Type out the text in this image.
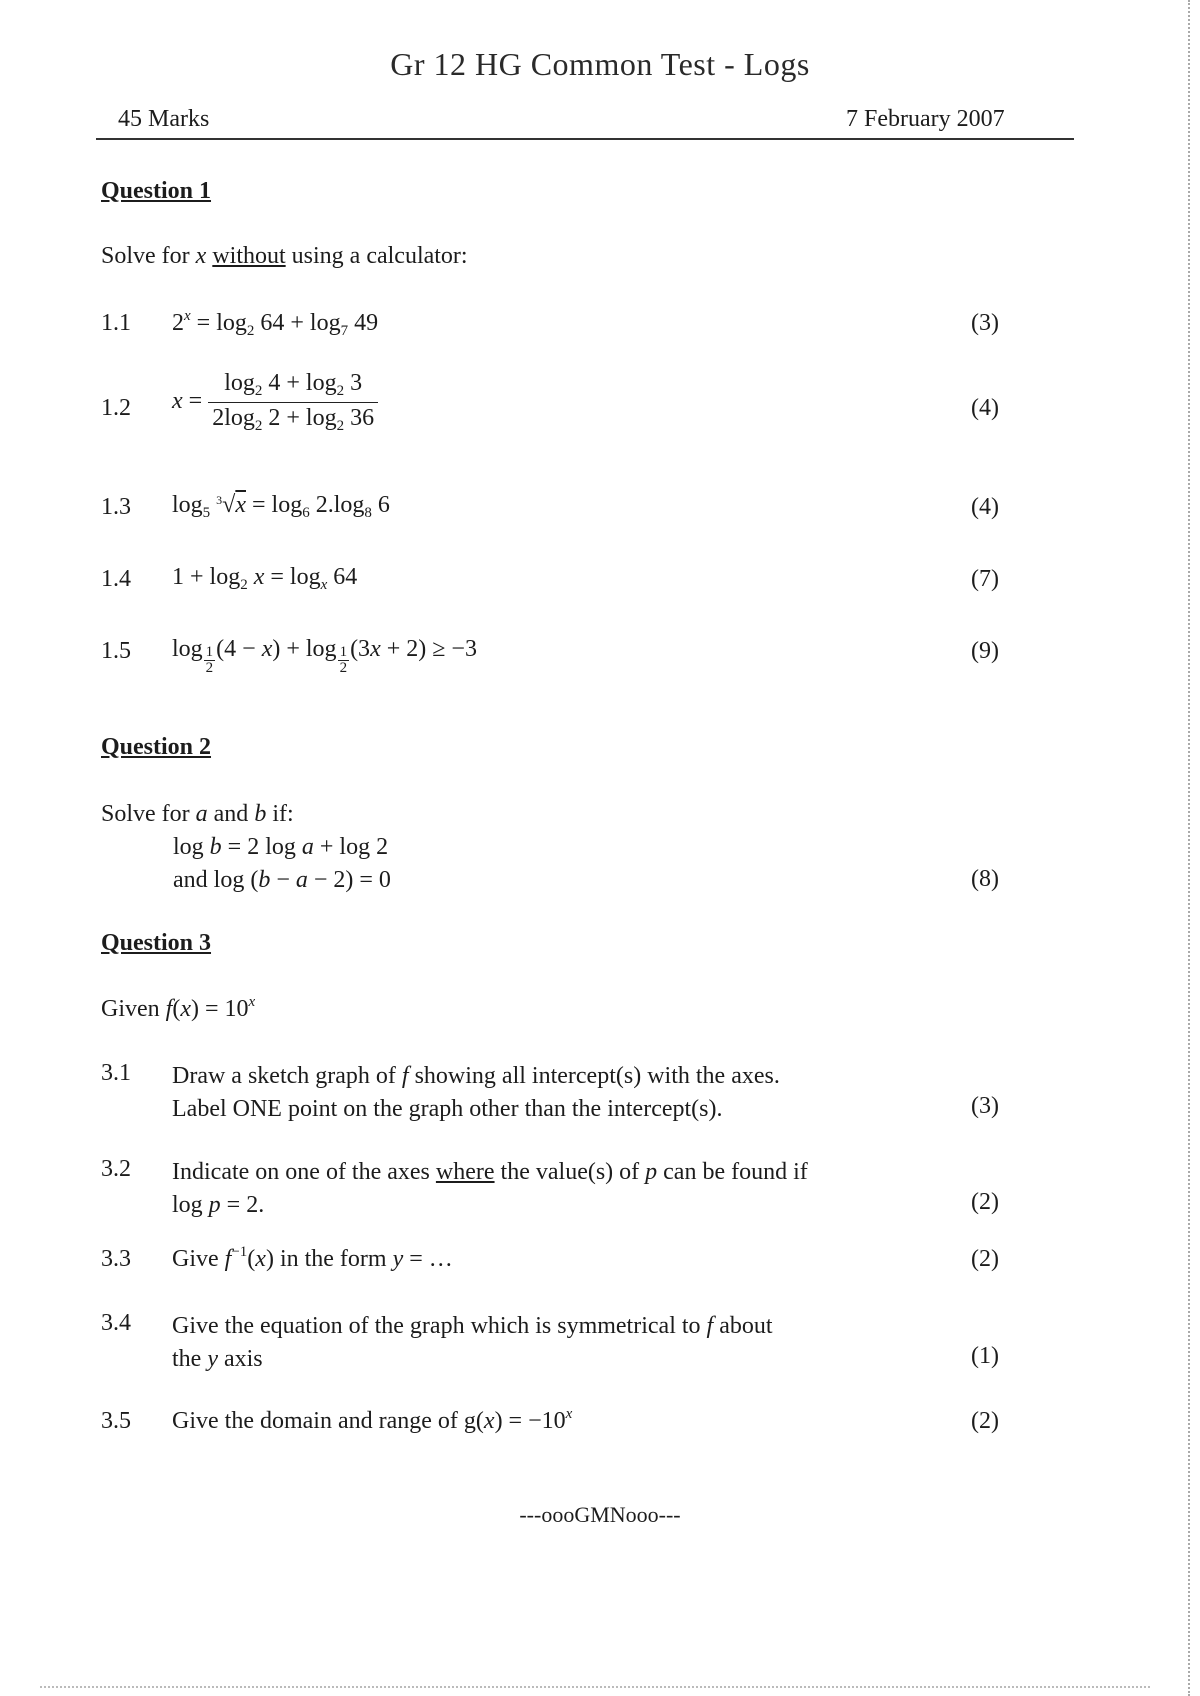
Gr 12 HG Common Test - Logs
45 Marks	7 February 2007
Question 1
Solve for x without using a calculator:
1.1 $2^x = \log_2 64 + \log_7 49$	(3)
1.2 $x = \frac{\log_2 4 + \log_2 3}{2\log_2 2 + \log_2 36}$	(4)
1.3 $\log_5 ^3√x = \log_6 2.\log_8$ 6	(4)
1.4 $1 + \log_2 x = \log_x 64$	(7)
1.5 $\log \frac{1}{2} (4 - x) + \log \frac{1}{2} (3x + 2) \ge -3$	(9)
Question 2
Solve for a and b if:
log b = 2 log a + log 2
and log (b − a − 2) = 0	(8)
Question 3
Given $f(x) = 10^x$
3.1 Draw a sketch graph of f showing all intercept(s) with the axes.
Label ONE point on the graph other than the intercept(s).	(3)
3.2 Indicate on one of the axes where the value(s) of p can be found if
log p = 2.	(2)
3.3 Give $f^{-1}(x)$ in the form y = …	(2)
3.4 Give the equation of the graph which is symmetrical to f about
the y axis	(1)
3.5 Give the domain and range of $g(x) = -10^x$	(2)
---oooGMNooo---
